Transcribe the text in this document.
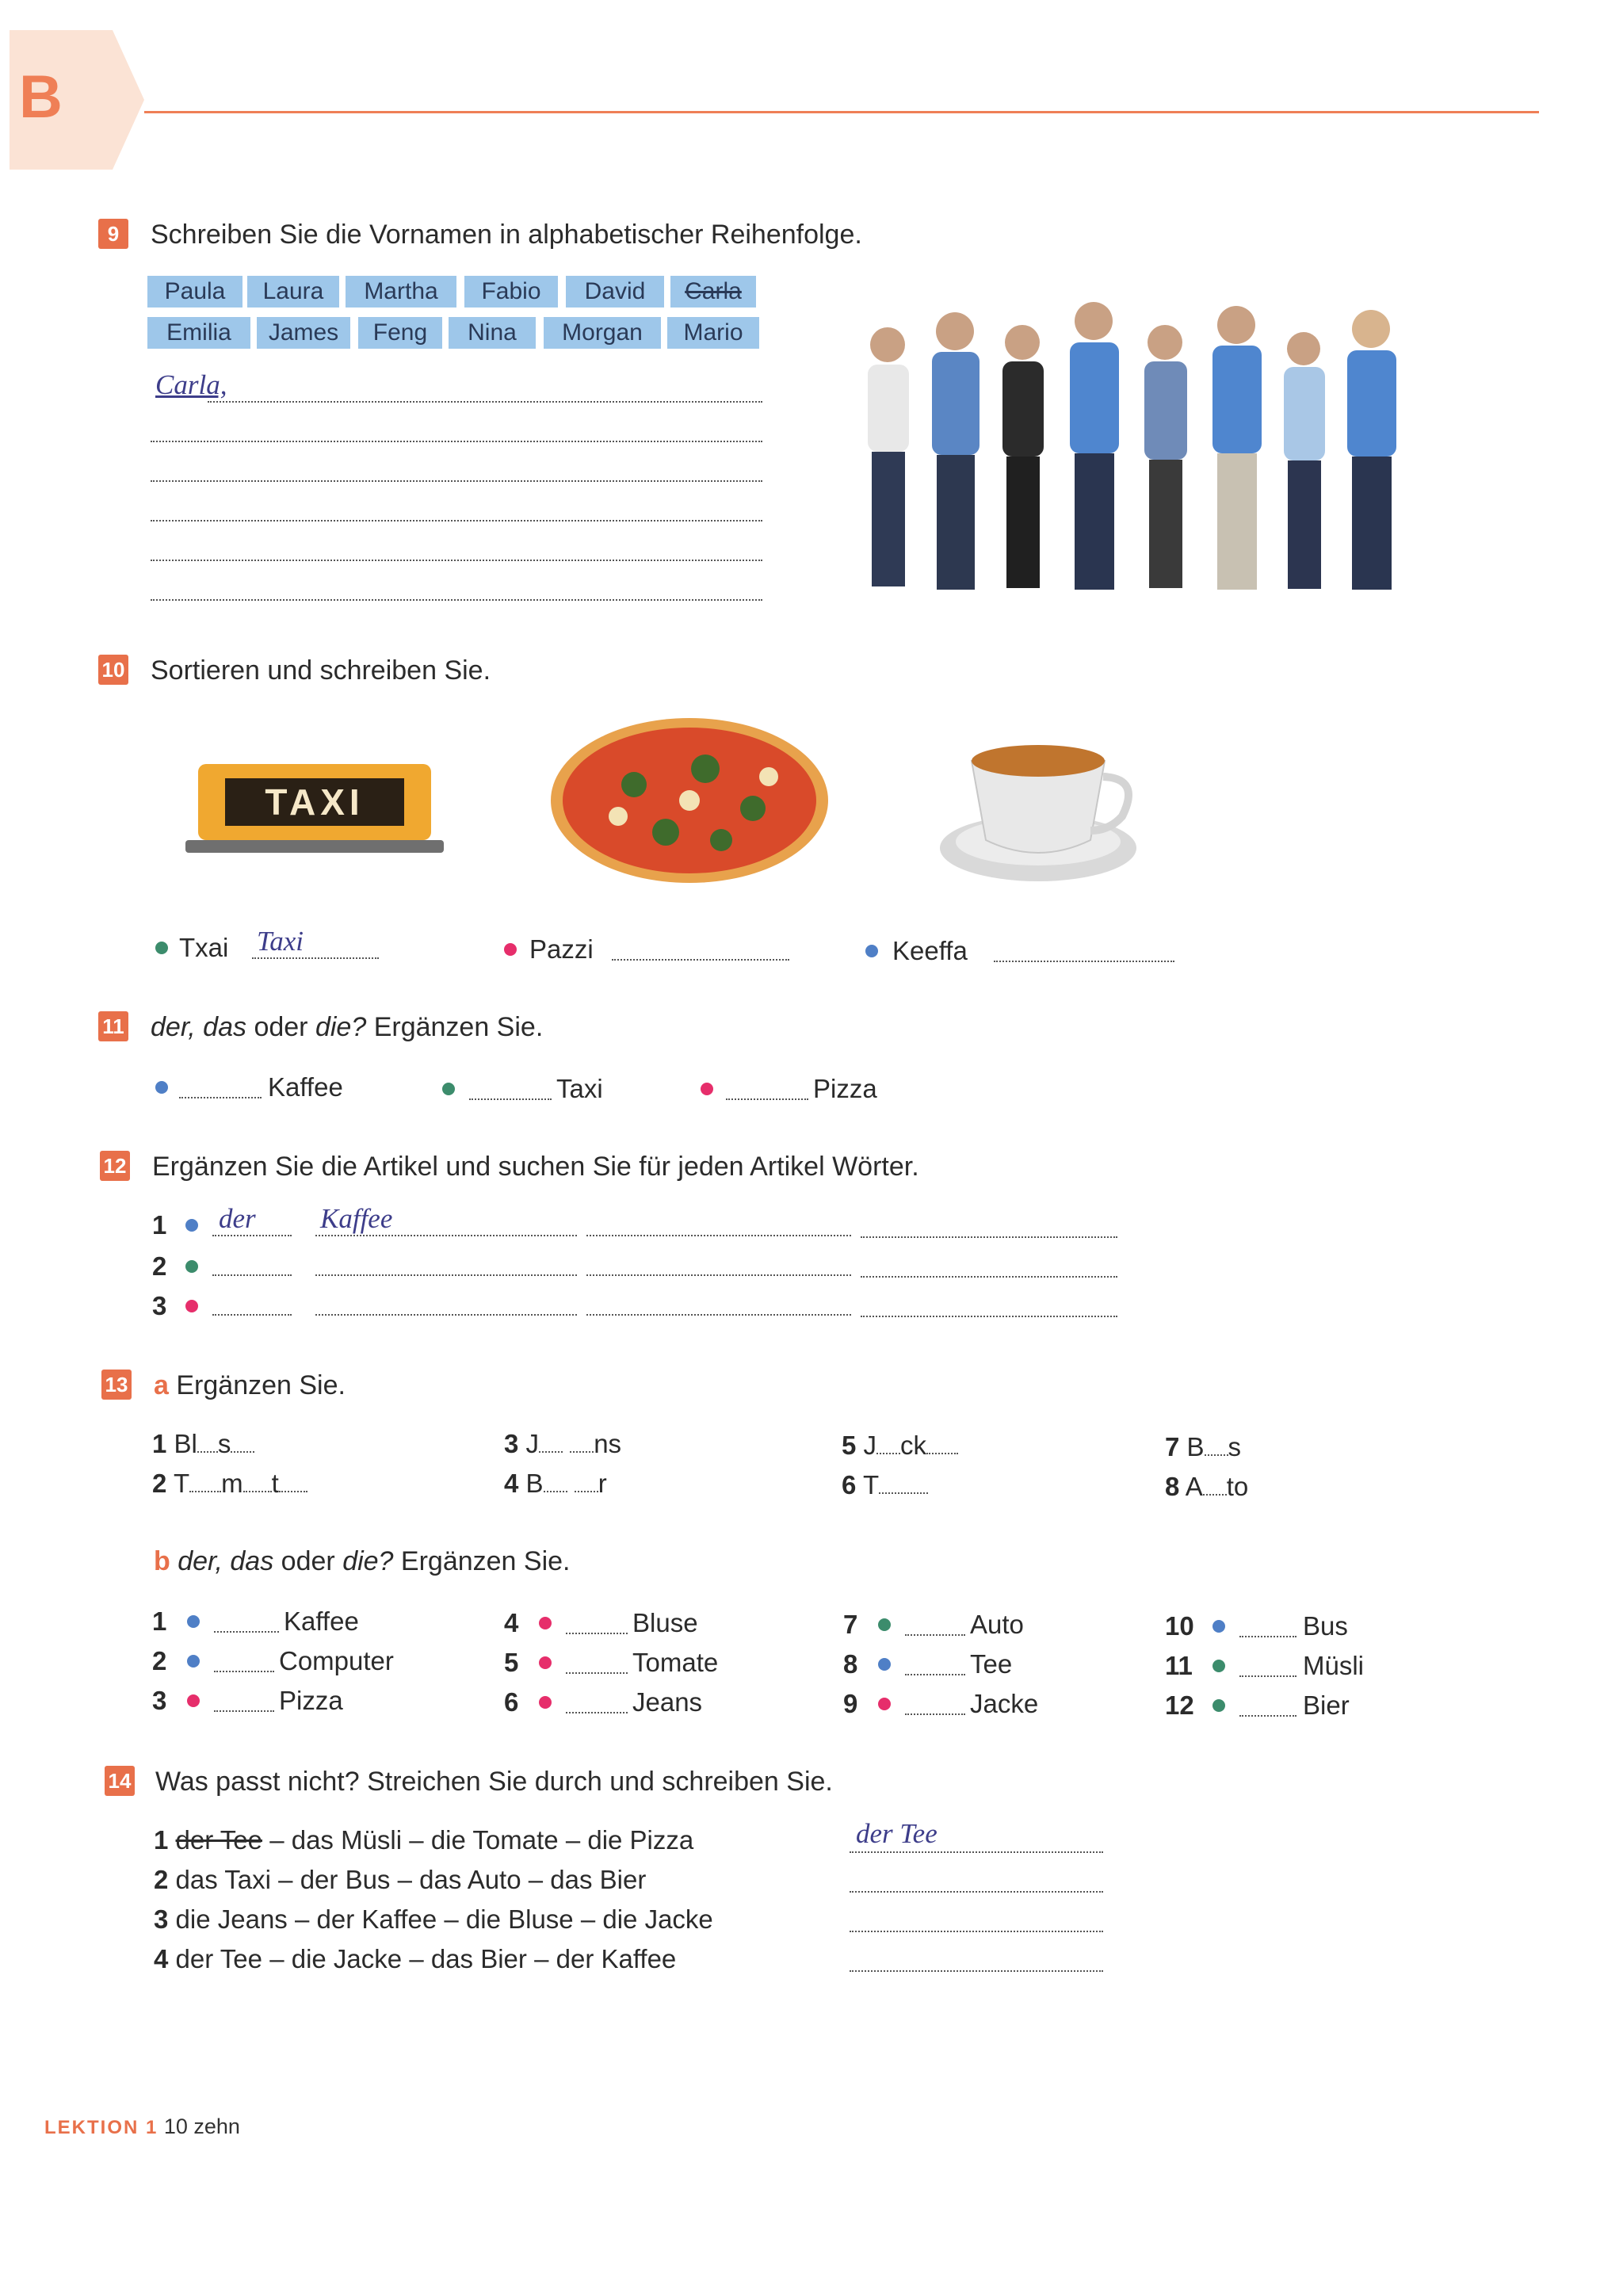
B
9	Schreiben Sie die Vornamen in alphabetischer Reihenfolge.
Paula	Laura	Martha	Fabio	David	Carla
Emilia	James	Feng	Nina	Morgan	Mario
Carla,
10 Sortieren und schreiben Sie.
TAXI
Txai Taxi	Pazzi	Keeffa
11 der, das oder die? Ergänzen Sie.
Kaffee	Taxi	Pizza
12 Ergänzen Sie die Artikel und suchen Sie für jeden Artikel Wörter.
1 der Kaffee
2
3
13 a Ergänzen Sie.
1 Bl s
2 T m t
3 J ns
4 B r
5 J ck
6 T
7 B s
8 A to
b der, das oder die? Ergänzen Sie.
1	Kaffee
2	Computer
3	Pizza
4	Bluse
5	Tomate
6	Jeans
7	Auto
8	Tee
9	Jacke
10	Bus
11	Müsli
12	Bier
14 Was passt nicht? Streichen Sie durch und schreiben Sie.
1 der Tee – das Müsli – die Tomate – die Pizza	der Tee
2 das Taxi – der Bus – das Auto – das Bier
3 die Jeans – der Kaffee – die Bluse – die Jacke
4 der Tee – die Jacke – das Bier – der Kaffee
LEKTION 1 10 zehn
